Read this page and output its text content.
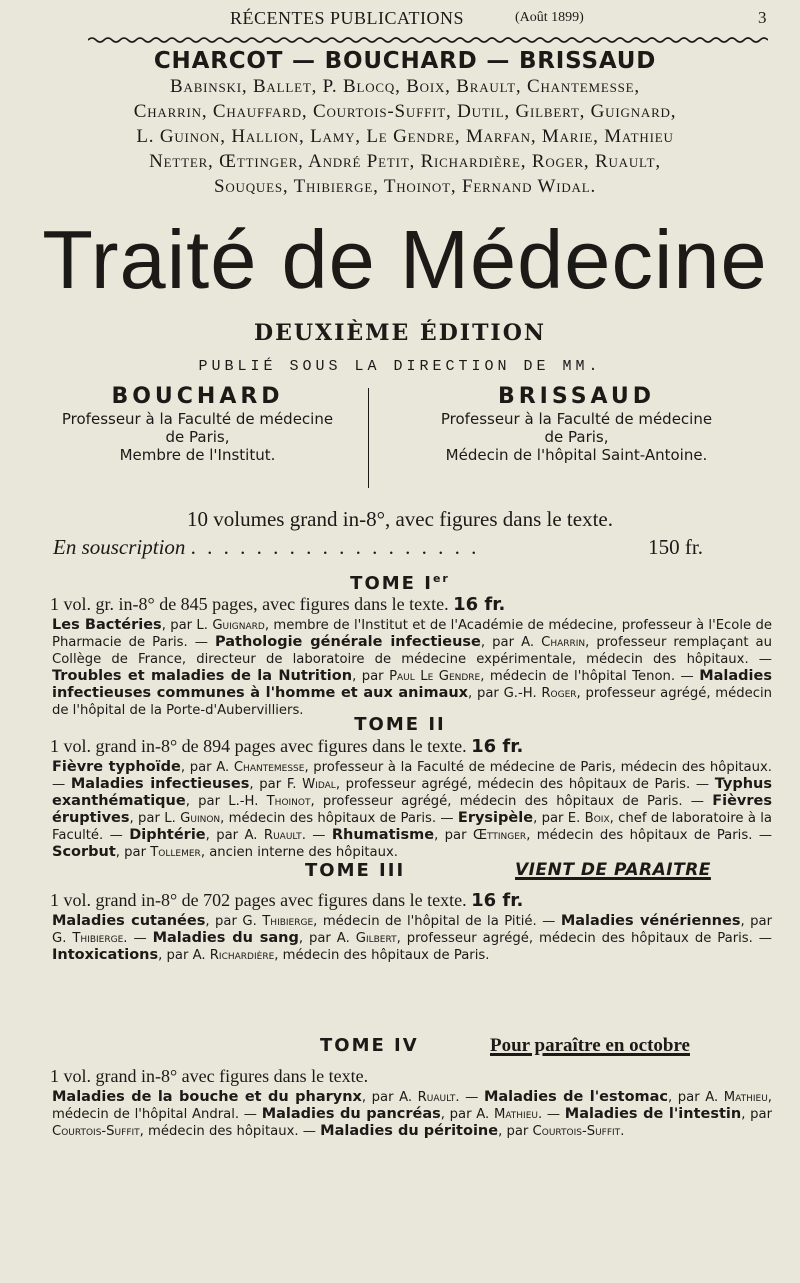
RÉCENTES PUBLICATIONS	(Août 1899)	3
CHARCOT — BOUCHARD — BRISSAUD
Babinski, Ballet, P. Blocq, Boix, Brault, Chantemesse,
Charrin, Chauffard, Courtois-Suffit, Dutil, Gilbert, Guignard,
L. Guinon, Hallion, Lamy, Le Gendre, Marfan, Marie, Mathieu
Netter, Œttinger, André Petit, Richardière, Roger, Ruault,
Souques, Thibierge, Thoinot, Fernand Widal.
Traité de Médecine
DEUXIÈME ÉDITION
PUBLIÉ SOUS LA DIRECTION DE MM.
BOUCHARD
Professeur à la Faculté de médecine
de Paris,
Membre de l'Institut.
BRISSAUD
Professeur à la Faculté de médecine
de Paris,
Médecin de l'hôpital Saint-Antoine.
10 volumes grand in-8°, avec figures dans le texte.
En souscription . . . . . . . . . . . . . . . . . .	150 fr.
TOME Ier
1 vol. gr. in-8° de 845 pages, avec figures dans le texte. 16 fr.
Les Bactéries, par L. Guignard, membre de l'Institut et de l'Académie de médecine, professeur à l'Ecole de Pharmacie de Paris. — Pathologie générale infectieuse, par A. Charrin, professeur remplaçant au Collège de France, directeur de laboratoire de médecine expérimentale, médecin des hôpitaux. — Troubles et maladies de la Nutrition, par Paul Le Gendre, médecin de l'hôpital Tenon. — Maladies infectieuses communes à l'homme et aux animaux, par G.-H. Roger, professeur agrégé, médecin de l'hôpital de la Porte-d'Aubervilliers.
TOME II
1 vol. grand in-8° de 894 pages avec figures dans le texte. 16 fr.
Fièvre typhoïde, par A. Chantemesse, professeur à la Faculté de médecine de Paris, médecin des hôpitaux. — Maladies infectieuses, par F. Widal, professeur agrégé, médecin des hôpitaux de Paris. — Typhus exanthématique, par L.-H. Thoinot, professeur agrégé, médecin des hôpitaux de Paris. — Fièvres éruptives, par L. Guinon, médecin des hôpitaux de Paris. — Erysipèle, par E. Boix, chef de laboratoire à la Faculté. — Diphtérie, par A. Ruault. — Rhumatisme, par Œttinger, médecin des hôpitaux de Paris. — Scorbut, par Tollemer, ancien interne des hôpitaux.
TOME III	VIENT DE PARAITRE
1 vol. grand in-8° de 702 pages avec figures dans le texte. 16 fr.
Maladies cutanées, par G. Thibierge, médecin de l'hôpital de la Pitié. — Maladies vénériennes, par G. Thibierge. — Maladies du sang, par A. Gilbert, professeur agrégé, médecin des hôpitaux de Paris. — Intoxications, par A. Richardière, médecin des hôpitaux de Paris.
TOME IV	Pour paraître en octobre
1 vol. grand in-8° avec figures dans le texte.
Maladies de la bouche et du pharynx, par A. Ruault. — Maladies de l'estomac, par A. Mathieu, médecin de l'hôpital Andral. — Maladies du pancréas, par A. Mathieu. — Maladies de l'intestin, par Courtois-Suffit, médecin des hôpitaux. — Maladies du péritoine, par Courtois-Suffit.
